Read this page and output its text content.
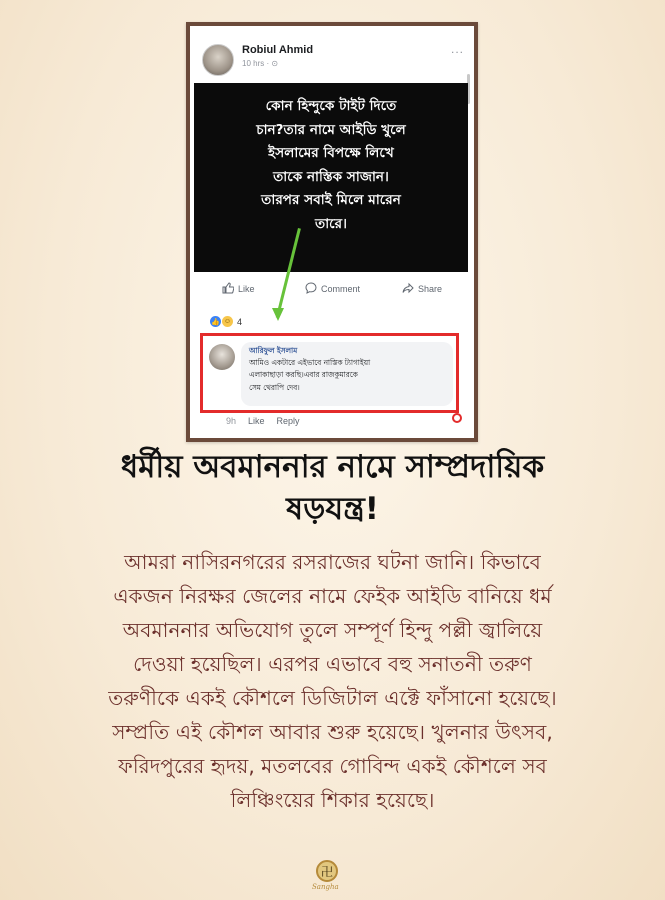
Robiul Ahmid
10 hrs · ⊙
...
কোন হিন্দুকে টাইট দিতে
চান?তার নামে আইডি খুলে
ইসলামের বিপক্ষে লিখে
তাকে নাস্তিক সাজান।
তারপর সবাই মিলে মারেন
তারে।
Like	Comment	Share
👍 ☺ 4
আরিফুল ইসলাম
আমিও একটারে এইভাবে নাস্তিক ট্যাগাইয়া
এলাকাছাড়া করছি।এবার রাজকুমারকে
সেম থেরাপি দেব।
9h Like Reply
ধর্মীয় অবমাননার নামে সাম্প্রদায়িক
ষড়যন্ত্র!
আমরা নাসিরনগরের রসরাজের ঘটনা জানি। কিভাবে
একজন নিরক্ষর জেলের নামে ফেইক আইডি বানিয়ে ধর্ম
অবমাননার অভিযোগ তুলে সম্পূর্ণ হিন্দু পল্লী জ্বালিয়ে
দেওয়া হয়েছিল। এরপর এভাবে বহু সনাতনী তরুণ
তরুণীকে একই কৌশলে ডিজিটাল এক্টে ফাঁসানো হয়েছে।
সম্প্রতি এই কৌশল আবার শুরু হয়েছে। খুলনার উৎসব,
ফরিদপুরের হৃদয়, মতলবের গোবিন্দ একই কৌশলে সব
লিঞ্চিংয়ের শিকার হয়েছে।
卍
Sangha
